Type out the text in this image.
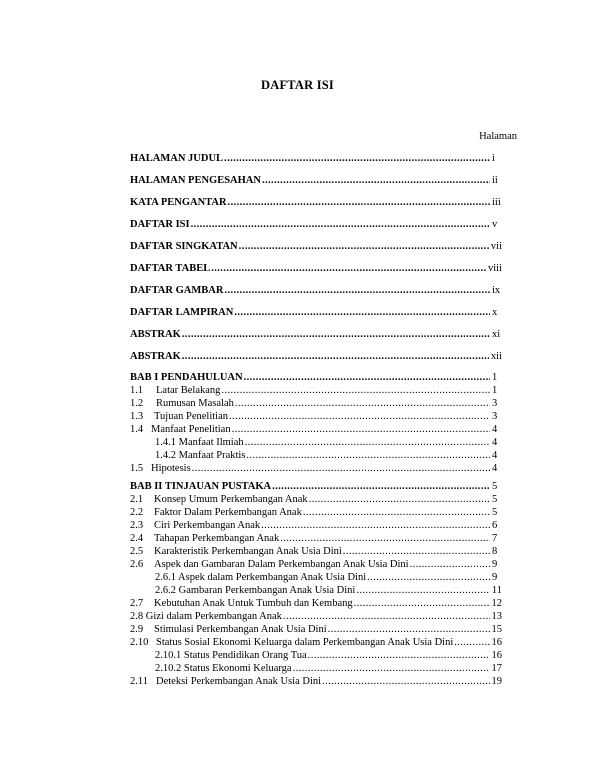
DAFTAR ISI
Halaman
HALAMAN JUDUL .....	i
HALAMAN PENGESAHAN .....	ii
KATA PENGANTAR .....	iii
DAFTAR ISI .....	v
DAFTAR SINGKATAN .....	vii
DAFTAR TABEL .....	viii
DAFTAR GAMBAR .....	ix
DAFTAR LAMPIRAN .....	x
ABSTRAK .....	xi
ABSTRAK .....	xii
BAB I PENDAHULUAN .....	1
1.1	Latar Belakang .....	1
1.2	Rumusan Masalah .....	3
1.3	Tujuan Penelitian .....	3
1.4 Manfaat Penelitian .....	4
1.4.1 Manfaat Ilmiah .....	4
1.4.2 Manfaat Praktis .....	4
1.5 Hipotesis .....	4
BAB II TINJAUAN PUSTAKA .....	5
2.1	Konsep Umum Perkembangan Anak .....	5
2.2	Faktor Dalam Perkembangan Anak .....	5
2.3	Ciri Perkembangan Anak .....	6
2.4	Tahapan Perkembangan Anak .....	7
2.5	Karakteristik Perkembangan Anak Usia Dini .....	8
2.6	Aspek dan Gambaran Dalam Perkembangan Anak Usia Dini .....	9
2.6.1 Aspek dalam Perkembangan Anak Usia Dini .....	9
2.6.2 Gambaran Perkembangan Anak Usia Dini .....	11
2.7	Kebutuhan Anak Untuk Tumbuh dan Kembang .....	12
2.8 Gizi dalam Perkembangan Anak .....	13
2.9	Stimulasi Perkembangan Anak Usia Dini .....	15
2.10 Status Sosial Ekonomi Keluarga dalam Perkembangan Anak Usia Dini .....	16
2.10.1 Status Pendidikan Orang Tua .....	16
2.10.2 Status Ekonomi Keluarga .....	17
2.11 Deteksi Perkembangan Anak Usia Dini .....	19
